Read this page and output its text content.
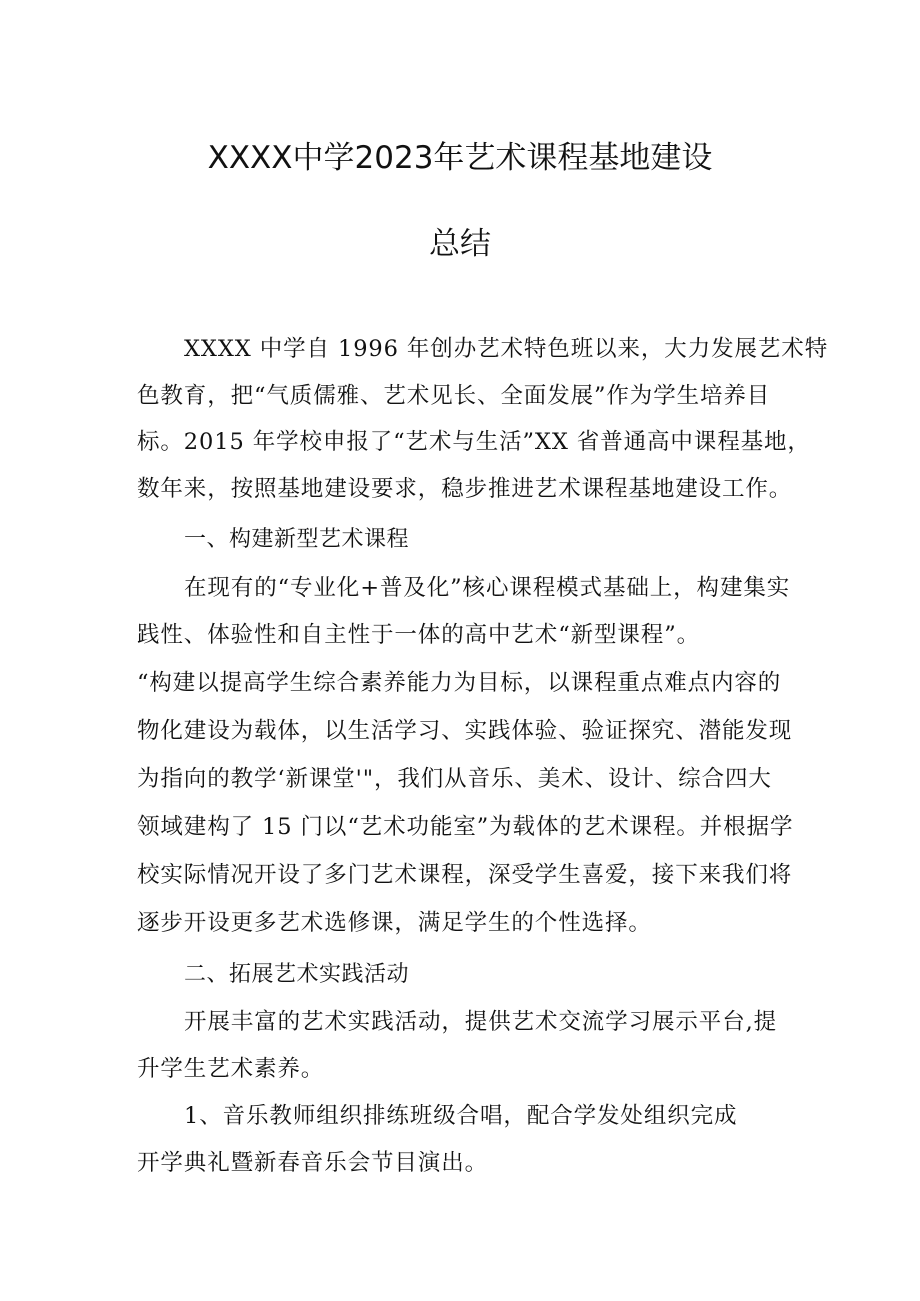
XXXX中学2023年艺术课程基地建设
总结
XXXX 中学自 1996 年创办艺术特色班以来，大力发展艺术特
色教育，把“气质儒雅、艺术见长、全面发展”作为学生培养目
标。2015 年学校申报了“艺术与生活”XX 省普通高中课程基地，
数年来，按照基地建设要求，稳步推进艺术课程基地建设工作。
一、构建新型艺术课程
在现有的“专业化+普及化”核心课程模式基础上，构建集实
践性、体验性和自主性于一体的高中艺术“新型课程”。
“构建以提高学生综合素养能力为目标，以课程重点难点内容的
物化建设为载体，以生活学习、实践体验、验证探究、潜能发现
为指向的教学‘新课堂'"，我们从音乐、美术、设计、综合四大
领域建构了 15 门以“艺术功能室”为载体的艺术课程。并根据学
校实际情况开设了多门艺术课程，深受学生喜爱，接下来我们将
逐步开设更多艺术选修课，满足学生的个性选择。
二、拓展艺术实践活动
开展丰富的艺术实践活动，提供艺术交流学习展示平台,提
升学生艺术素养。
1、音乐教师组织排练班级合唱，配合学发处组织完成
开学典礼暨新春音乐会节目演出。
